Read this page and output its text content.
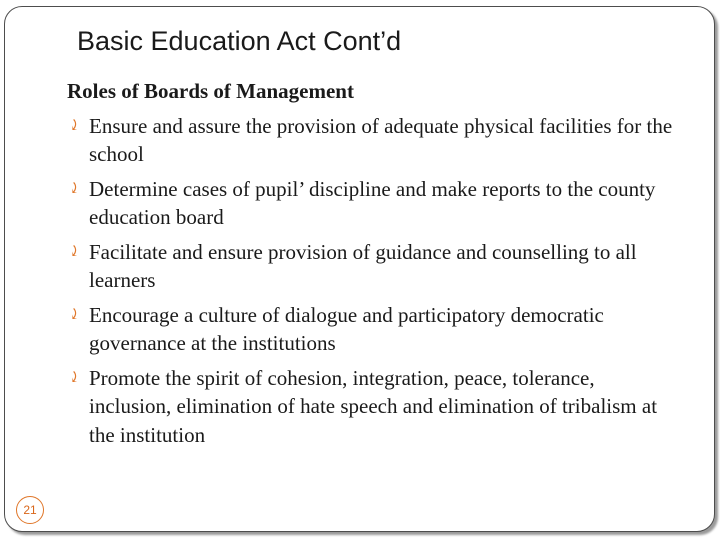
Basic Education Act Cont’d
Roles of Boards of Management
⤸ Ensure and assure the provision of adequate physical facilities for the school
⤸ Determine cases of pupil’ discipline and make reports to the county education board
⤸ Facilitate and ensure provision of guidance and counselling to all learners
⤸ Encourage a culture of dialogue and participatory democratic governance at the institutions
⤸ Promote the spirit of cohesion, integration, peace, tolerance, inclusion, elimination of hate speech and elimination of tribalism at the institution
21
